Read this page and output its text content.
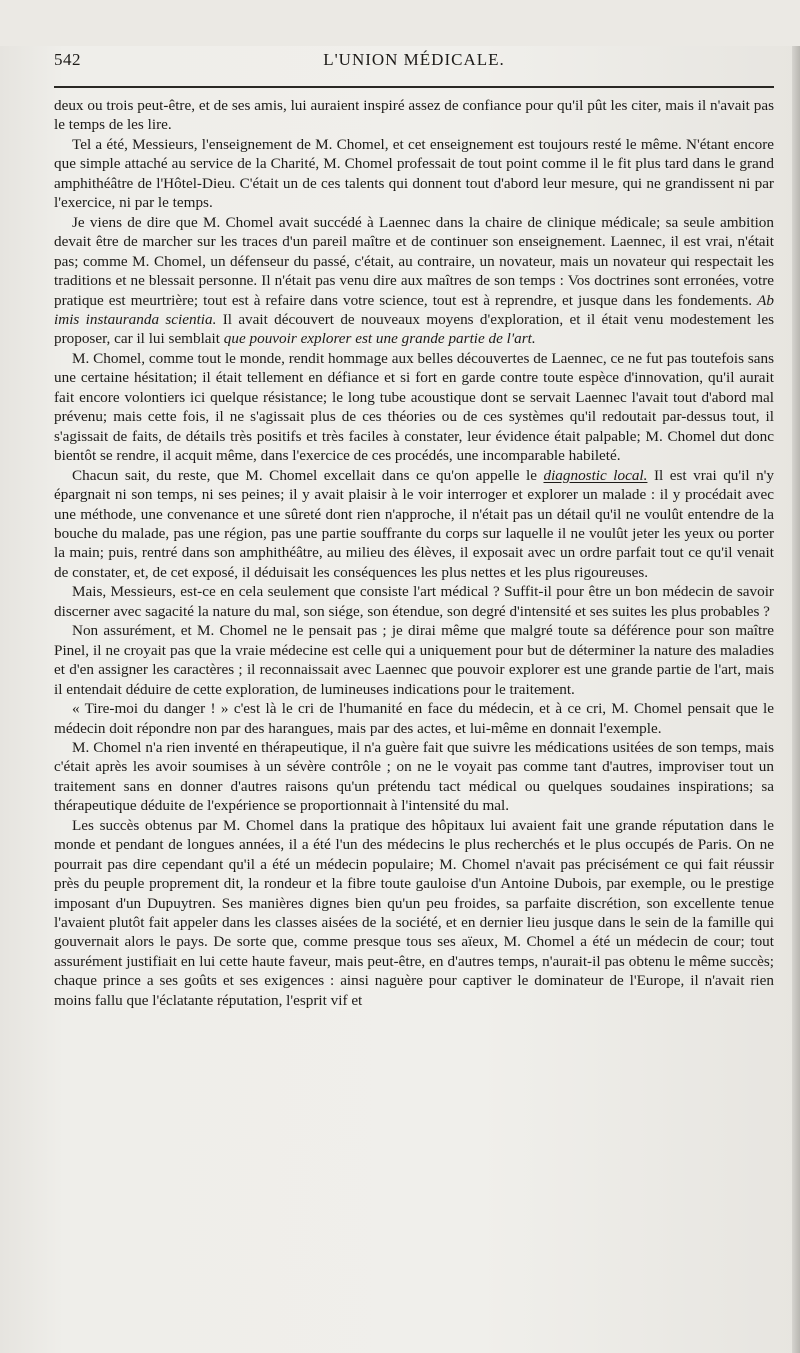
542	L'UNION MÉDICALE.

deux ou trois peut-être, et de ses amis, lui auraient inspiré assez de confiance pour qu'il pût les citer, mais il n'avait pas le temps de les lire.

Tel a été, Messieurs, l'enseignement de M. Chomel, et cet enseignement est toujours resté le même. N'étant encore que simple attaché au service de la Charité, M. Chomel professait de tout point comme il le fit plus tard dans le grand amphithéâtre de l'Hôtel-Dieu. C'était un de ces talents qui donnent tout d'abord leur mesure, qui ne grandissent ni par l'exercice, ni par le temps.

Je viens de dire que M. Chomel avait succédé à Laennec dans la chaire de clinique médicale; sa seule ambition devait être de marcher sur les traces d'un pareil maître et de continuer son enseignement. Laennec, il est vrai, n'était pas; comme M. Chomel, un défenseur du passé, c'était, au contraire, un novateur, mais un novateur qui respectait les traditions et ne blessait personne. Il n'était pas venu dire aux maîtres de son temps : Vos doctrines sont erronées, votre pratique est meurtrière; tout est à refaire dans votre science, tout est à reprendre, et jusque dans les fondements. Ab imis instauranda scientia. Il avait découvert de nouveaux moyens d'exploration, et il était venu modestement les proposer, car il lui semblait que pouvoir explorer est une grande partie de l'art.

M. Chomel, comme tout le monde, rendit hommage aux belles découvertes de Laennec, ce ne fut pas toutefois sans une certaine hésitation; il était tellement en défiance et si fort en garde contre toute espèce d'innovation, qu'il aurait fait encore volontiers ici quelque résistance; le long tube acoustique dont se servait Laennec l'avait tout d'abord mal prévenu; mais cette fois, il ne s'agissait plus de ces théories ou de ces systèmes qu'il redoutait par-dessus tout, il s'agissait de faits, de détails très positifs et très faciles à constater, leur évidence était palpable; M. Chomel dut donc bientôt se rendre, il acquit même, dans l'exercice de ces procédés, une incomparable habileté.

Chacun sait, du reste, que M. Chomel excellait dans ce qu'on appelle le diagnostic local. Il est vrai qu'il n'y épargnait ni son temps, ni ses peines; il y avait plaisir à le voir interroger et explorer un malade : il y procédait avec une méthode, une convenance et une sûreté dont rien n'approche, il n'était pas un détail qu'il ne voulût entendre de la bouche du malade, pas une région, pas une partie souffrante du corps sur laquelle il ne voulût jeter les yeux ou porter la main; puis, rentré dans son amphithéâtre, au milieu des élèves, il exposait avec un ordre parfait tout ce qu'il venait de constater, et, de cet exposé, il déduisait les conséquences les plus nettes et les plus rigoureuses.

Mais, Messieurs, est-ce en cela seulement que consiste l'art médical ? Suffit-il pour être un bon médecin de savoir discerner avec sagacité la nature du mal, son siége, son étendue, son degré d'intensité et ses suites les plus probables ?

Non assurément, et M. Chomel ne le pensait pas ; je dirai même que malgré toute sa déférence pour son maître Pinel, il ne croyait pas que la vraie médecine est celle qui a uniquement pour but de déterminer la nature des maladies et d'en assigner les caractères ; il reconnaissait avec Laennec que pouvoir explorer est une grande partie de l'art, mais il entendait déduire de cette exploration, de lumineuses indications pour le traitement.

« Tire-moi du danger ! » c'est là le cri de l'humanité en face du médecin, et à ce cri, M. Chomel pensait que le médecin doit répondre non par des harangues, mais par des actes, et lui-même en donnait l'exemple.

M. Chomel n'a rien inventé en thérapeutique, il n'a guère fait que suivre les médications usitées de son temps, mais c'était après les avoir soumises à un sévère contrôle ; on ne le voyait pas comme tant d'autres, improviser tout un traitement sans en donner d'autres raisons qu'un prétendu tact médical ou quelques soudaines inspirations; sa thérapeutique déduite de l'expérience se proportionnait à l'intensité du mal.

Les succès obtenus par M. Chomel dans la pratique des hôpitaux lui avaient fait une grande réputation dans le monde et pendant de longues années, il a été l'un des médecins le plus recherchés et le plus occupés de Paris. On ne pourrait pas dire cependant qu'il a été un médecin populaire; M. Chomel n'avait pas précisément ce qui fait réussir près du peuple proprement dit, la rondeur et la fibre toute gauloise d'un Antoine Dubois, par exemple, ou le prestige imposant d'un Dupuytren. Ses manières dignes bien qu'un peu froides, sa parfaite discrétion, son excellente tenue l'avaient plutôt fait appeler dans les classes aisées de la société, et en dernier lieu jusque dans le sein de la famille qui gouvernait alors le pays. De sorte que, comme presque tous ses aïeux, M. Chomel a été un médecin de cour; tout assurément justifiait en lui cette haute faveur, mais peut-être, en d'autres temps, n'aurait-il pas obtenu le même succès; chaque prince a ses goûts et ses exigences : ainsi naguère pour captiver le dominateur de l'Europe, il n'avait rien moins fallu que l'éclatante réputation, l'esprit vif et
